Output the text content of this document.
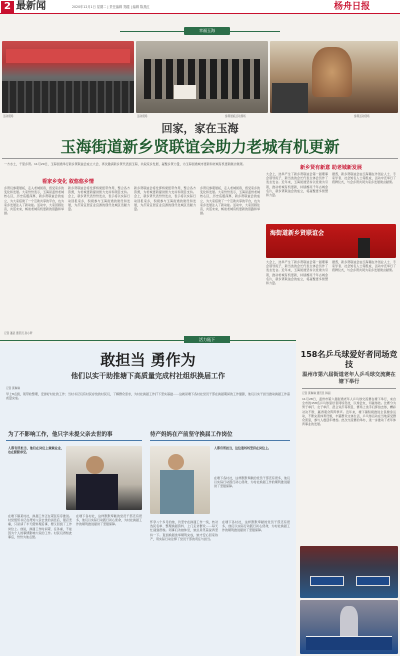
2 最新闻	2020年12月1日 星期二 | 责任编辑 郑健 | 编辑 陈燕红	杨舟日报
幸福玉海
活动现场	活动现场	参观展板活动现场	参观活动现场
回家，家在玉海
玉海街道新乡贤联谊会助力老城有机更新
一方水土，千里乡贤。11月29日，玉海街道举行新乡贤联谊会成立大会，再次邀请新乡贤代表到玉海，共叙家乡发展，凝聚乡贤力量，为玉海街道城市更新和老城有机更新献计献策。
看家乡变化 叙悠悠乡情
乡贤们参观展板，走入老城街巷，感受家乡的变化和发展。大家纷纷表示，玉海是温州老城核心区，历史底蕴深厚，新乡贤联谊会的成立，为大家搭建了一个互助共享的平台，也为家乡发展注入了新动能。活动中，大家回顾往昔，共话未来，畅谈老城有机更新的思路和举措。
新乡贤联谊会将发挥桥梁纽带作用，整合各方资源，为老城更新提供智力支持和项目支持。会上，新乡贤代表纷纷发言，表示将以实际行动回报家乡，积极参与玉海街道的建设和发展，为打造宜居宜业宜游的现代化城区贡献力量。
新乡贤联谊会将发挥桥梁纽带作用，整合各方资源，为老城更新提供智力支持和项目支持。会上，新乡贤代表纷纷发言，表示将以实际行动回报家乡，积极参与玉海街道的建设和发展，为打造宜居宜业宜游的现代化城区贡献力量。
乡贤们参观展板，走入老城街巷，感受家乡的变化和发展。大家纷纷表示，玉海是温州老城核心区，历史底蕴深厚，新乡贤联谊会的成立，为大家搭建了一个互助共享的平台，也为家乡发展注入了新动能。活动中，大家回顾往昔，共话未来，畅谈老城有机更新的思路和举措。
记者 潘武 通讯员 孙小梦
新乡贤有新意 助老城新发展
大会上，选举产生了新乡贤联谊会第一届理事会领导班子，新当选的会长代表全体会员作了表态发言。近年来，玉海街道坚持以党建为引领，推动老城有机更新，持续擦亮千年古城金名片，新乡贤联谊会的成立，将凝聚更多智慧和力量。
据悉，新乡贤联谊会由玉海籍在外创业人士、专家学者、社会知名人士等组成，活动中还举行了授牌仪式，与会乡贤共同为家乡发展建言献策。
海街道新乡贤联谊会
大会上，选举产生了新乡贤联谊会第一届理事会领导班子，新当选的会长代表全体会员作了表态发言。近年来，玉海街道坚持以党建为引领，推动老城有机更新，持续擦亮千年古城金名片，新乡贤联谊会的成立，将凝聚更多智慧和力量。
据悉，新乡贤联谊会由玉海籍在外创业人士、专家学者、社会知名人士等组成，活动中还举行了授牌仪式，与会乡贤共同为家乡发展建言献策。
活力瓯下
敢担当 勇作为
他们以实干助推塘下高质量完成村社组织换届工作
记者 黄琳琳
早上8点到，别带检整理，安排好村社的工作；当村书记们有村民存放的村民们，了解群众需求，为村社换届工作打下坚实基础……这就是塘下各村社党员干部在换届期间的工作缩影，他们以实干担当推动换届工作高质量完成。
为了不影响工作，他只字未提父亲去世的事	待产妈妈在产前坚守换届工作岗位
人都有所担当，他们在岗位上兢兢业业，也在默默承受。
在塘下镇某村社，换届工作正在紧张有序推进。村党组织书记在得知父亲去世的消息后，强忍悲痛，只是请了半天假料理后事，便又回到了工作岗位上。他说，换届工作时间紧、任务重，不能因为个人的事情影响大家的工作。村民们得知此事后，纷纷为他点赞。
在塘下各村社，这样默默奉献的党员干部还有很多，他们以实际行动践行初心使命，为村社换届工作的顺利推进提供了坚强保障。
人都有所担当，这位准妈妈坚持在岗位上。
在塘下各村社，这样默默奉献的党员干部还有很多，他们以实际行动践行初心使命，为村社换届工作的顺利推进提供了坚强保障。
怀孕八个多月的她，仍坚守在换届工作一线，核对选民名单、整理换届资料、上门走访群众……每天忙碌到很晚。同事们劝她休息，她总是笑着说再坚持一下。直到换届选举顺利完成，她才安心回家待产，用实际行动诠释了党员干部的责任与担当。
在塘下各村社，这样默默奉献的党员干部还有很多，他们以实际行动践行初心使命，为村社换届工作的顺利推进提供了坚强保障。
158名乒乓球爱好者同场竞技
温州市第六届街道老年人乒乓球交流赛在塘下举行
记者 黄琳琳 通讯员 韩丽
11月28日，温州市第六届街道老年人乒乓球交流赛在塘下举行，来自全市的158名乒乓球爱好者同场竞技，以球会友，切磋球技。比赛分为男子单打、女子单打、混合双打等项目，赛场上选手们挥拍击球，精彩对决不断，赢得观众阵阵掌声。近年来，塘下镇积极推进全民健身运动，不断完善体育设施，丰富群众文体生活，乒乓球运动在当地深受群众喜爱，参与人数逐年增加。此次交流赛的举办，进一步推动了老年体育事业的发展。
